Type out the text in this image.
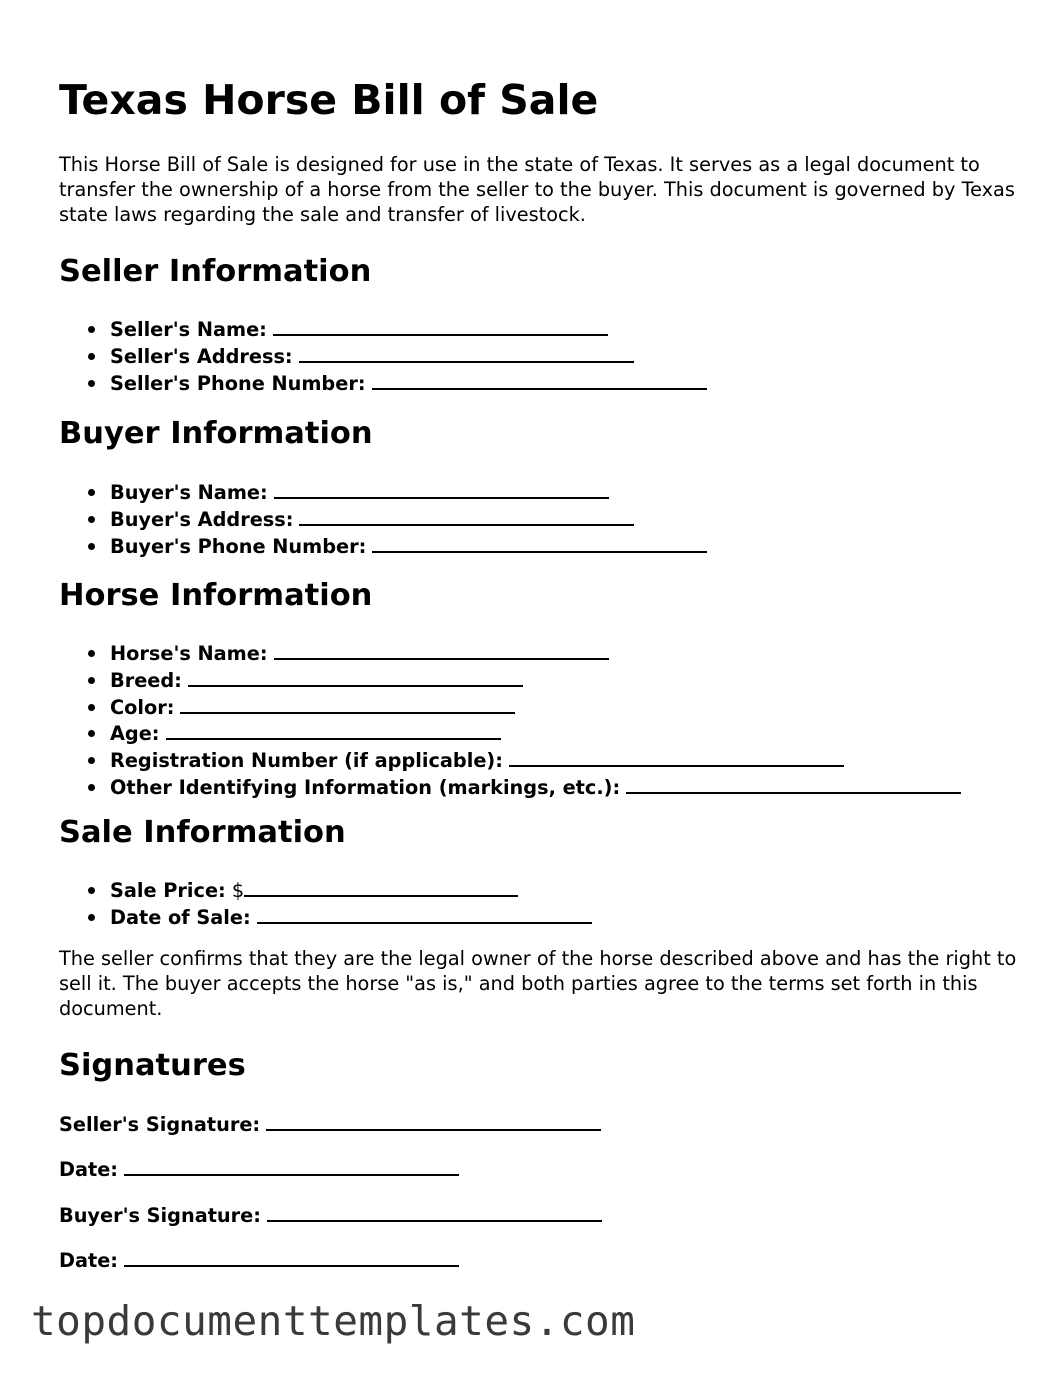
Texas Horse Bill of Sale

This Horse Bill of Sale is designed for use in the state of Texas. It serves as a legal document to transfer the ownership of a horse from the seller to the buyer. This document is governed by Texas state laws regarding the sale and transfer of livestock.

Seller Information
Seller's Name:
Seller's Address:
Seller's Phone Number:
Buyer Information
Buyer's Name:
Buyer's Address:
Buyer's Phone Number:
Horse Information
Horse's Name:
Breed:
Color:
Age:
Registration Number (if applicable):
Other Identifying Information (markings, etc.):
Sale Information
Sale Price: $
Date of Sale:

The seller confirms that they are the legal owner of the horse described above and has the right to sell it. The buyer accepts the horse "as is," and both parties agree to the terms set forth in this document.

Signatures

Seller's Signature:

Date:

Buyer's Signature:

Date:

topdocumenttemplates.com
